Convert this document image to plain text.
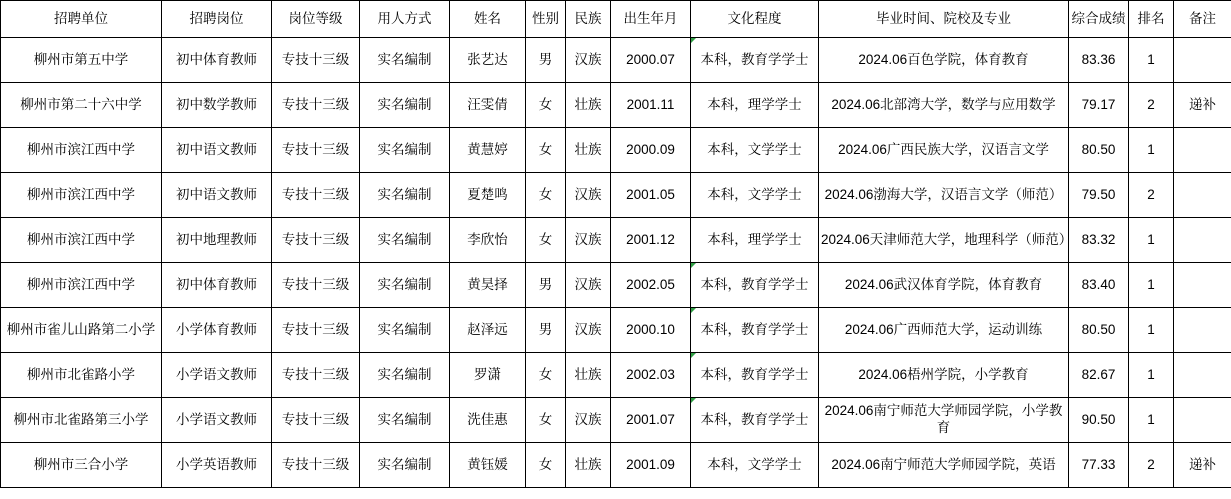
招聘单位	招聘岗位	岗位等级	用人方式	姓名	性别	民族	出生年月	文化程度	毕业时间、院校及专业	综合成绩	排名	备注
柳州市第五中学	初中体育教师	专技十三级	实名编制	张艺达	男	汉族	2000.07	本科，教育学学士	2024.06百色学院，体育教育	83.36	1	
柳州市第二十六中学	初中数学教师	专技十三级	实名编制	汪雯倩	女	壮族	2001.11	本科，理学学士	2024.06北部湾大学，数学与应用数学	79.17	2	递补
柳州市滨江西中学	初中语文教师	专技十三级	实名编制	黄慧婷	女	壮族	2000.09	本科，文学学士	2024.06广西民族大学，汉语言文学	80.50	1	
柳州市滨江西中学	初中语文教师	专技十三级	实名编制	夏楚鸣	女	汉族	2001.05	本科，文学学士	2024.06渤海大学，汉语言文学（师范）	79.50	2	
柳州市滨江西中学	初中地理教师	专技十三级	实名编制	李欣怡	女	汉族	2001.12	本科，理学学士	2024.06天津师范大学，地理科学（师范）	83.32	1	
柳州市滨江西中学	初中体育教师	专技十三级	实名编制	黄昊择	男	汉族	2002.05	本科，教育学学士	2024.06武汉体育学院，体育教育	83.40	1	
柳州市雀儿山路第二小学	小学体育教师	专技十三级	实名编制	赵泽远	男	汉族	2000.10	本科，教育学学士	2024.06广西师范大学，运动训练	80.50	1	
柳州市北雀路小学	小学语文教师	专技十三级	实名编制	罗潇	女	壮族	2002.03	本科，教育学学士	2024.06梧州学院，小学教育	82.67	1	
柳州市北雀路第三小学	小学语文教师	专技十三级	实名编制	洗佳惠	女	汉族	2001.07	本科，教育学学士	2024.06南宁师范大学师园学院，小学教育	90.50	1	
柳州市三合小学	小学英语教师	专技十三级	实名编制	黄钰媛	女	壮族	2001.09	本科，文学学士	2024.06南宁师范大学师园学院，英语	77.33	2	递补
